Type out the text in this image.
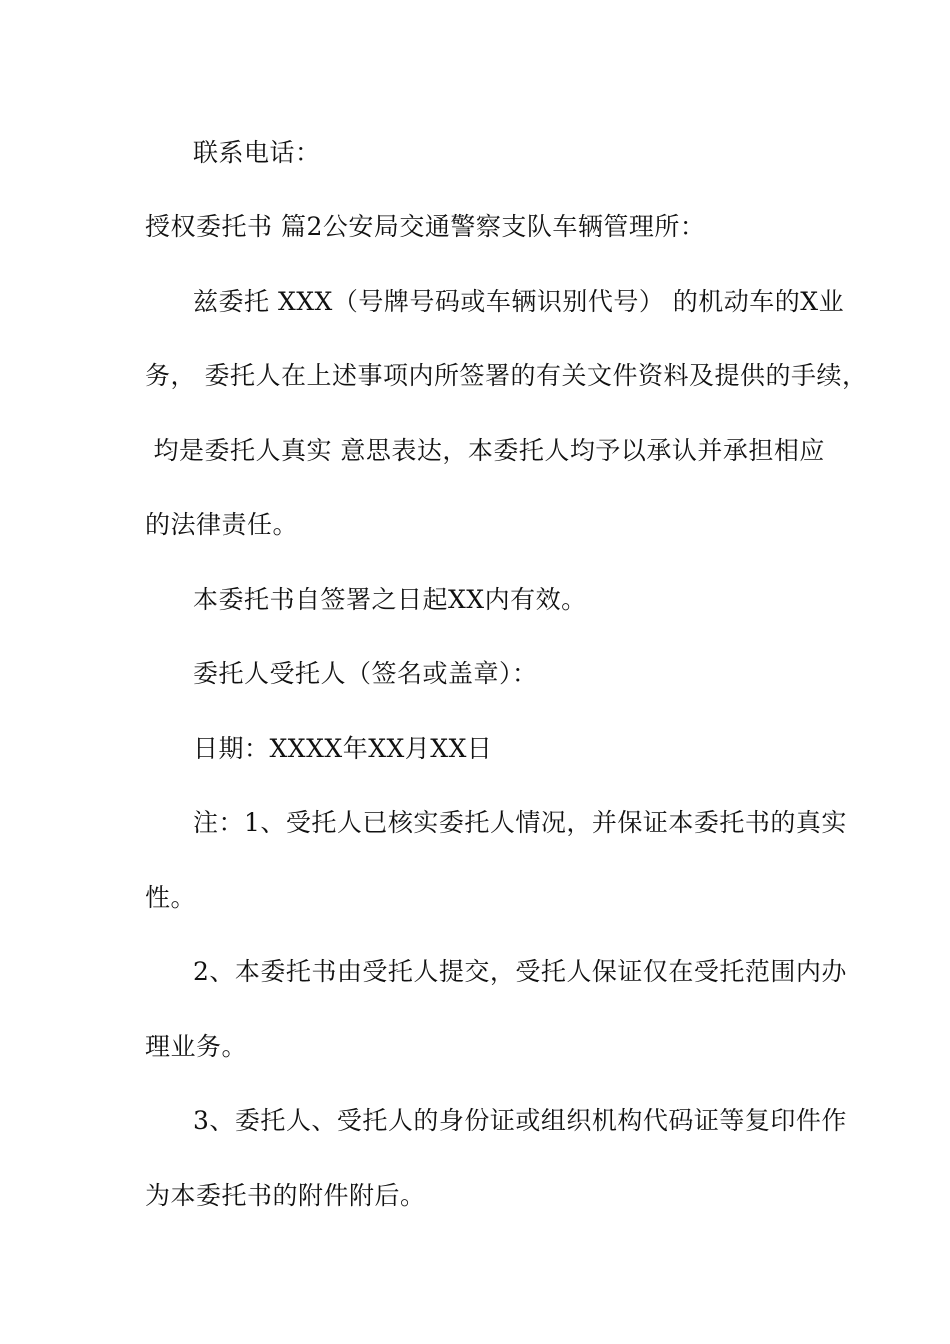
联系电话：
授权委托书 篇2公安局交通警察支队车辆管理所：
兹委托 XXX（号牌号码或车辆识别代号） 的机动车的X业
务， 委托人在上述事项内所签署的有关文件资料及提供的手续，
均是委托人真实 意思表达，本委托人均予以承认并承担相应
的法律责任。
本委托书自签署之日起XX内有效。
委托人受托人（签名或盖章）：
日期：XXXX年XX月XX日
注：1、受托人已核实委托人情况，并保证本委托书的真实
性。
2、本委托书由受托人提交，受托人保证仅在受托范围内办
理业务。
3、委托人、受托人的身份证或组织机构代码证等复印件作
为本委托书的附件附后。
